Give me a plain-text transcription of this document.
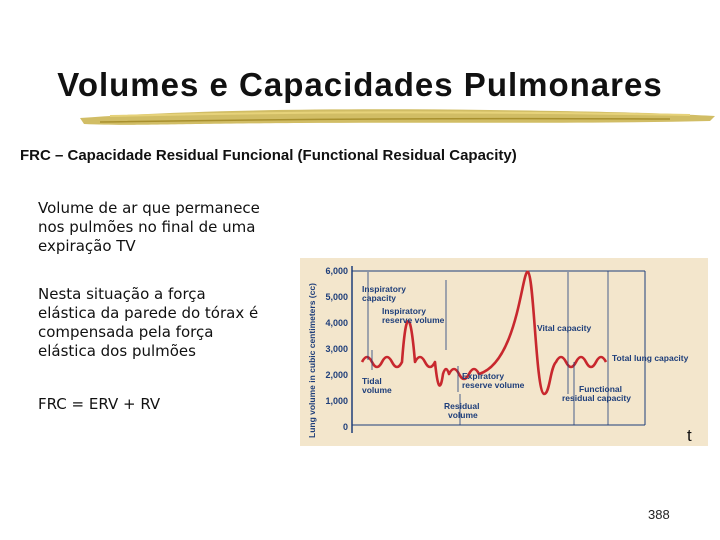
Volumes e Capacidades Pulmonares
FRC – Capacidade Residual Funcional (Functional Residual Capacity)
Volume de ar que permanece
nos pulmões no final de uma
expiração TV
Nesta situação a força
elástica da parede do tórax é
compensada pela força
elástica dos pulmões
FRC = ERV + RV	Lung volume in cubic centimeters (cc)
6,000
5,000
4,000
3,000
2,000
1,000
0
Inspiratory capacity
Inspiratory reserve volume
Vital capacity
Total lung capacity
Tidal volume
Expiratory reserve volume	Functional residual capacity
Residual volume
t
388
